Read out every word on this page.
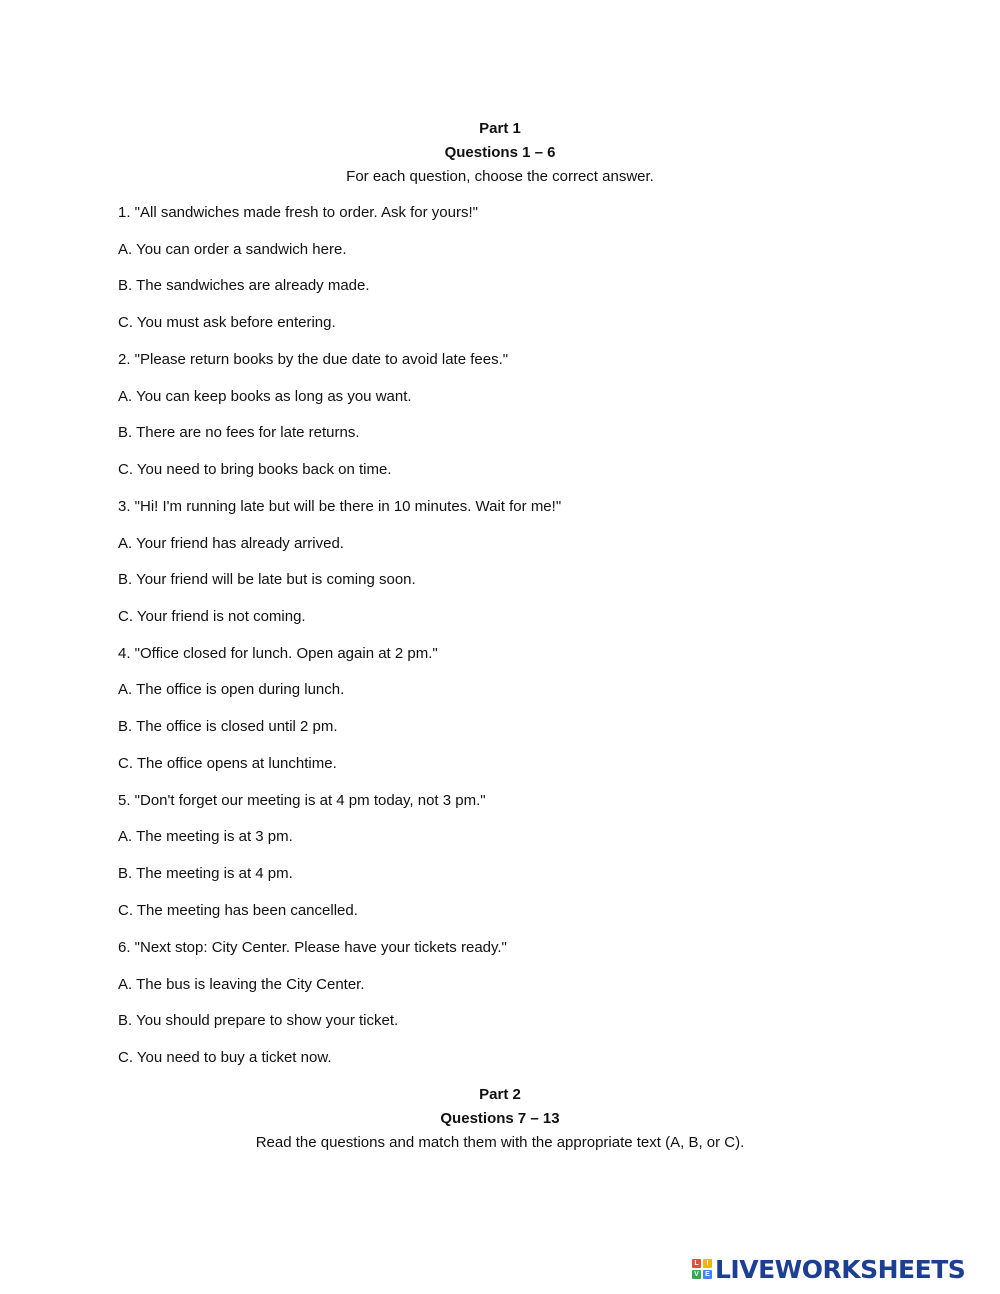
Part 1
Questions 1 – 6
For each question, choose the correct answer.
1. "All sandwiches made fresh to order. Ask for yours!"
A. You can order a sandwich here.
B. The sandwiches are already made.
C. You must ask before entering.
2. "Please return books by the due date to avoid late fees."
A. You can keep books as long as you want.
B. There are no fees for late returns.
C. You need to bring books back on time.
3. "Hi! I'm running late but will be there in 10 minutes. Wait for me!"
A. Your friend has already arrived.
B. Your friend will be late but is coming soon.
C. Your friend is not coming.
4. "Office closed for lunch. Open again at 2 pm."
A. The office is open during lunch.
B. The office is closed until 2 pm.
C. The office opens at lunchtime.
5. "Don't forget our meeting is at 4 pm today, not 3 pm."
A. The meeting is at 3 pm.
B. The meeting is at 4 pm.
C. The meeting has been cancelled.
6. "Next stop: City Center. Please have your tickets ready."
A. The bus is leaving the City Center.
B. You should prepare to show your ticket.
C. You need to buy a ticket now.
Part 2
Questions 7 – 13
Read the questions and match them with the appropriate text (A, B, or C).
L	I
V E LIVEWORKSHEETS
